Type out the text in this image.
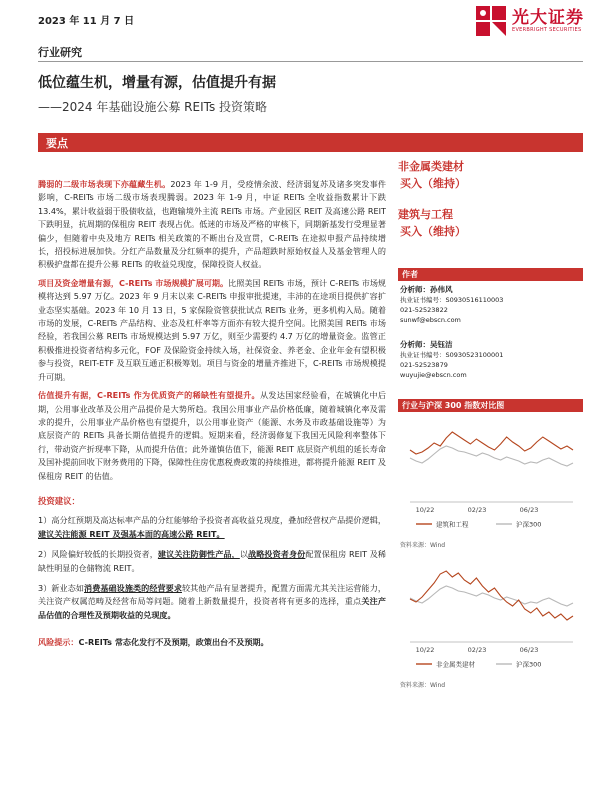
2023 年 11 月 7 日	光大证券
EVERBRIGHT SECURITIES
行业研究
低位蕴生机，增量有源，估值提升有据
——2024 年基础设施公募 REITs 投资策略
要点

腾弱的二级市场表现下亦蕴藏生机。2023 年 1-9 月，受疫情余波、经济弱复苏及诸多突发事件影响，C-REITs 市场二级市场表现腾弱。2023 年 1-9 月，中证 REITs 全收益指数累计下跌 13.4%，累计收益弱于股债收益，也跑输境外主流 REITs 市场。产业园区 REIT 及高速公路 REIT 下跌明显，抗周期的保租房 REIT 表现占优。低迷的市场及严格的审核下，同期新基发行受理显著偏少，但随着中央及地方 REITs 相关政策的不断出台及宣贯，C-REITs 在途拟申报产品持续增长，招投标进展加快。分红产品数量及分红频率的提升，产品超跌时原始权益人及基金管理人的积极护盘都在提升公募 REITs 的收益兑现度，保障投资人权益。

项目及资金增量有源，C-REITs 市场规模扩展可期。比照美国 REITs 市场，预计 C-REITs 市场规模将达到 5.97 万亿。2023 年 9 月末以来 C-REITs 申报审批提速，丰沛的在途项目提供扩容扩业态坚实基础。2023 年 10 月 13 日，5 家保险资管获批试点 REITs 业务，更多机构入局。随着市场的发展，C-REITs 产品结构、业态及杠杆率等方面亦有较大提升空间。比照美国 REITs 市场经验，若我国公募 REITs 市场规模达到 5.97 万亿，则至少需要约 4.7 万亿的增量资金。监管正积极推进投资者结构多元化，FOF 及保险资金持续入场，社保资金、养老金、企业年金有望积极参与投资，REIT-ETF 及互联互通正积极筹划。项目与资金的增量齐推进下，C-REITs 市场规模提升可期。

估值提升有据，C-REITs 作为优质资产的稀缺性有望提升。从发达国家经验看，在城镇化中后期，公用事业改革及公用产品提价是大势所趋。我国公用事业产品价格低廉，随着城镇化率及需求的提升，公用事业产品价格也有望提升，以公用事业资产（能源、水务及市政基础设施等）为底层资产的 REITs 具备长期估值提升的逻辑。短期来看，经济弱修复下我国无风险利率整体下行，带动资产折现率下降，从而提升估值；此外谨慎估值下，能源 REIT 底层资产机组的延长寿命及国补提前回收下财务费用的下降，保障性住房优惠税费政策的持续推进，都将提升能源 REIT 及保租房 REIT 的估值。

投资建议：
1）高分红预期及高达标率产品的分红能够给予投资者高收益兑现度，叠加经营权产品提价逻辑，建议关注能源 REIT 及强基本面的高速公路 REIT。
2）风险偏好较低的长期投资者，建议关注防御性产品，以战略投资者身份配置保租房 REIT 及稀缺性明显的仓储物流 REIT。
3）新业态如消费基础设施类的经营要求较其他产品有显著提升，配置方面需尤其关注运营能力，关注资产权属范畴及经营布局等问题。随着上新数量提升，投资者将有更多的选择，重点关注产品估值的合理性及预期收益的兑现度。
风险提示：C-REITs 常态化发行不及预期，政策出台不及预期。
非金属类建材
买入（维持）
建筑与工程
买入（维持）
作者
分析师：孙伟风
执业证书编号：S0930516110003
021-52523822
sunwf@ebscn.com
分析师：吴钰洁
执业证书编号：S0930523100001
021-52523879
wuyujie@ebscn.com
行业与沪深 300 指数对比图
10/22	02/23	06/23
建筑和工程	沪深300
资料来源：Wind
10/22	02/23	06/23
非金属类建材	沪深300
资料来源：Wind
